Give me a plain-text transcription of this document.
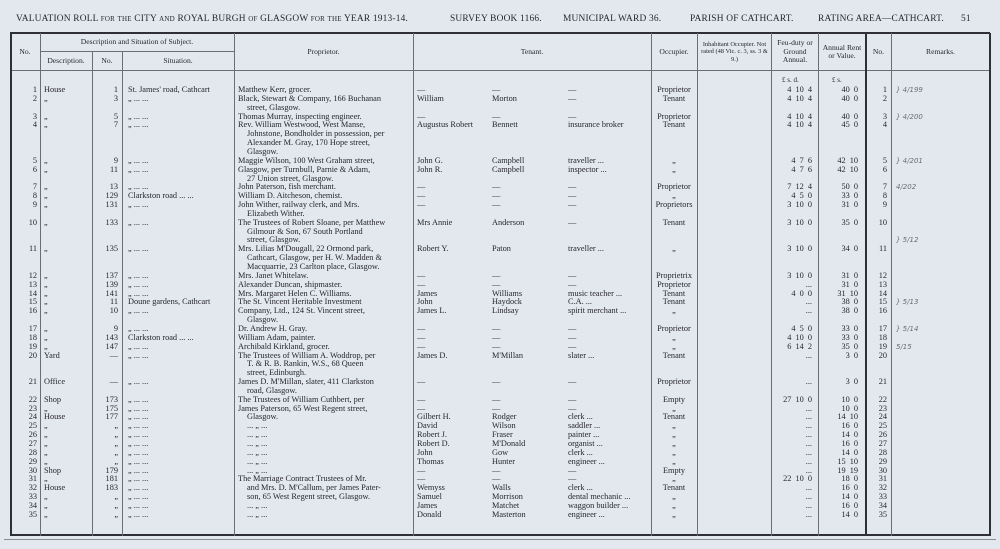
VALUATION ROLL for the CITY and ROYAL BURGH of GLASGOW for the YEAR 1913-14.	SURVEY BOOK 1166. MUNICIPAL WARD 36.	PARISH OF CATHCART.	RATING AREA—CATHCART. 51
No.
Description and Situation of Subject.
Description.	No.	Situation.
Proprietor.	Tenant.	Occupier.
Inhabitant Occupier. Not rated (48 Vic. c. 3, ss. 3 & 9.)
Feu-duty or Ground Annual.
Annual Rent or Value.	No.	Remarks.
£ s. d.	£ s.
1 House	1 St. James' road, Cathcart	Matthew Kerr, grocer.	—	—	—	Proprietor	4 10 4	40 0	1 } 4/199
2 „	3 „ ... ...	Black, Stewart & Company, 166 Buchanan	William	Morton	—	Tenant	4 10 4	40 0	2
street, Glasgow.
3 „	5 „ ... ...	Thomas Murray, inspecting engineer.	—	—	—	Proprietor	4 10 4	40 0	3 } 4/200
4 „	7 „ ... ...	Rev. William Westwood, West Manse,	Augustus Robert Bennett	insurance broker	Tenant	4 10 4	45 0	4
Johnstone, Bondholder in possession, per
Alexander M. Gray, 170 Hope street,
Glasgow.
5 „	9 „ ... ...	Maggie Wilson, 100 West Graham street,	John G.	Campbell	traveller ...	„	4 7 6	42 10	5 } 4/201
6 „	11 „ ... ...	Glasgow, per Turnbull, Parnie & Adam,	John R.	Campbell	inspector ...	„	4 7 6	42 10	6
27 Union street, Glasgow.
7 „	13 „ ... ...	John Paterson, fish merchant.	—	—	—	Proprietor	7 12 4	50 0	7 4/202
8 „	129 Clarkston road ... ...	William D. Aitcheson, chemist.	—	—	—	„	4 5 0	33 0	8
9 „	131 „ ... ...	John Wither, railway clerk, and Mrs.	—	—	—	Proprietors	3 10 0	31 0	9
Elizabeth Wither.
10 „	133 „ ... ...	The Trustees of Robert Sloane, per Matthew	Mrs Annie	Anderson	—	Tenant	3 10 0	35 0	10
Gilmour & Son, 67 South Portland
street, Glasgow.	} 5/12
11 „	135 „ ... ...	Mrs. Lilias M'Dougall, 22 Ormond park,	Robert Y.	Paton	traveller ...	„	3 10 0	34 0	11
Cathcart, Glasgow, per H. W. Madden &
Macquarrie, 23 Carlton place, Glasgow.
12 „	137 „ ... ...	Mrs. Janet Whitelaw.	—	—	—	Proprietrix	3 10 0	31 0	12
13 „	139 „ ... ...	Alexander Duncan, shipmaster.	—	—	—	Proprietor	...	31 0	13
14 „	141 „ ... ...	Mrs. Margaret Helen C. Williams.	James	Williams	music teacher ...	Tenant	4 0 0	31 10	14
15 „	11 Doune gardens, Cathcart	The St. Vincent Heritable Investment	John	Haydock	C.A. ...	Tenant	...	38 0	15 } 5/13
16 „	10 „ ... ...	Company, Ltd., 124 St. Vincent street,	James L.	Lindsay	spirit merchant ...	„	...	38 0	16
Glasgow.
17 „	9 „ ... ...	Dr. Andrew H. Gray.	—	—	—	Proprietor	4 5 0	33 0	17 } 5/14
18 „	143 Clarkston road ... ...	William Adam, painter.	—	—	—	„	4 10 0	33 0	18
19 „	147 „ ... ...	Archibald Kirkland, grocer.	—	—	—	„	6 14 2	35 0	19 5/15
20 Yard	— „ ... ...	The Trustees of William A. Woddrop, per	James D.	M'Millan	slater ...	Tenant	...	3 0	20
T. & R. B. Rankin, W.S., 68 Queen
street, Edinburgh.
21 Office	— „ ... ...	James D. M'Millan, slater, 411 Clarkston	—	—	—	Proprietor	...	3 0	21
road, Glasgow.
22 Shop	173 „ ... ...	The Trustees of William Cuthbert, per	—	—	—	Empty	27 10 0	10 0	22
23 „	175 „ ... ...	James Paterson, 65 West Regent street,	—	—	—	„	...	10 0	23
24 House	177 „ ... ...	Glasgow.	Gilbert H.	Rodger	clerk ...	Tenant	...	14 10	24
25 „	„ „ ... ...	... „ ...	David	Wilson	saddler ...	„	...	16 0	25
26 „	„ „ ... ...	... „ ...	Robert J.	Fraser	painter ...	„	...	14 0	26
27 „	„ „ ... ...	... „ ...	Robert D.	M'Donald	organist ...	„	...	16 0	27
28 „	„ „ ... ...	... „ ...	John	Gow	clerk ...	„	...	14 0	28
29 „	„ „ ... ...	... „ ...	Thomas	Hunter	engineer ...	„	...	15 10	29
30 Shop	179 „ ... ...	... „ ...	—	—	—	Empty	...	19 19	30
31 „	181 „ ... ...	The Marriage Contract Trustees of Mr.	—	—	—	„	22 10 0	18 0	31
32 House	183 „ ... ...	and Mrs. D. M'Callum, per James Pater-	Wemyss	Walls	clerk ...	Tenant	...	16 0	32
33 „	„ „ ... ...	son, 65 West Regent street, Glasgow.	Samuel	Morrison	dental mechanic ...	„	...	14 0	33
34 „	„ „ ... ...	... „ ...	James	Matchet	waggon builder ...	„	...	16 0	34
35 „	„ „ ... ...	... „ ...	Donald	Masterton	engineer ...	„	...	14 0	35
